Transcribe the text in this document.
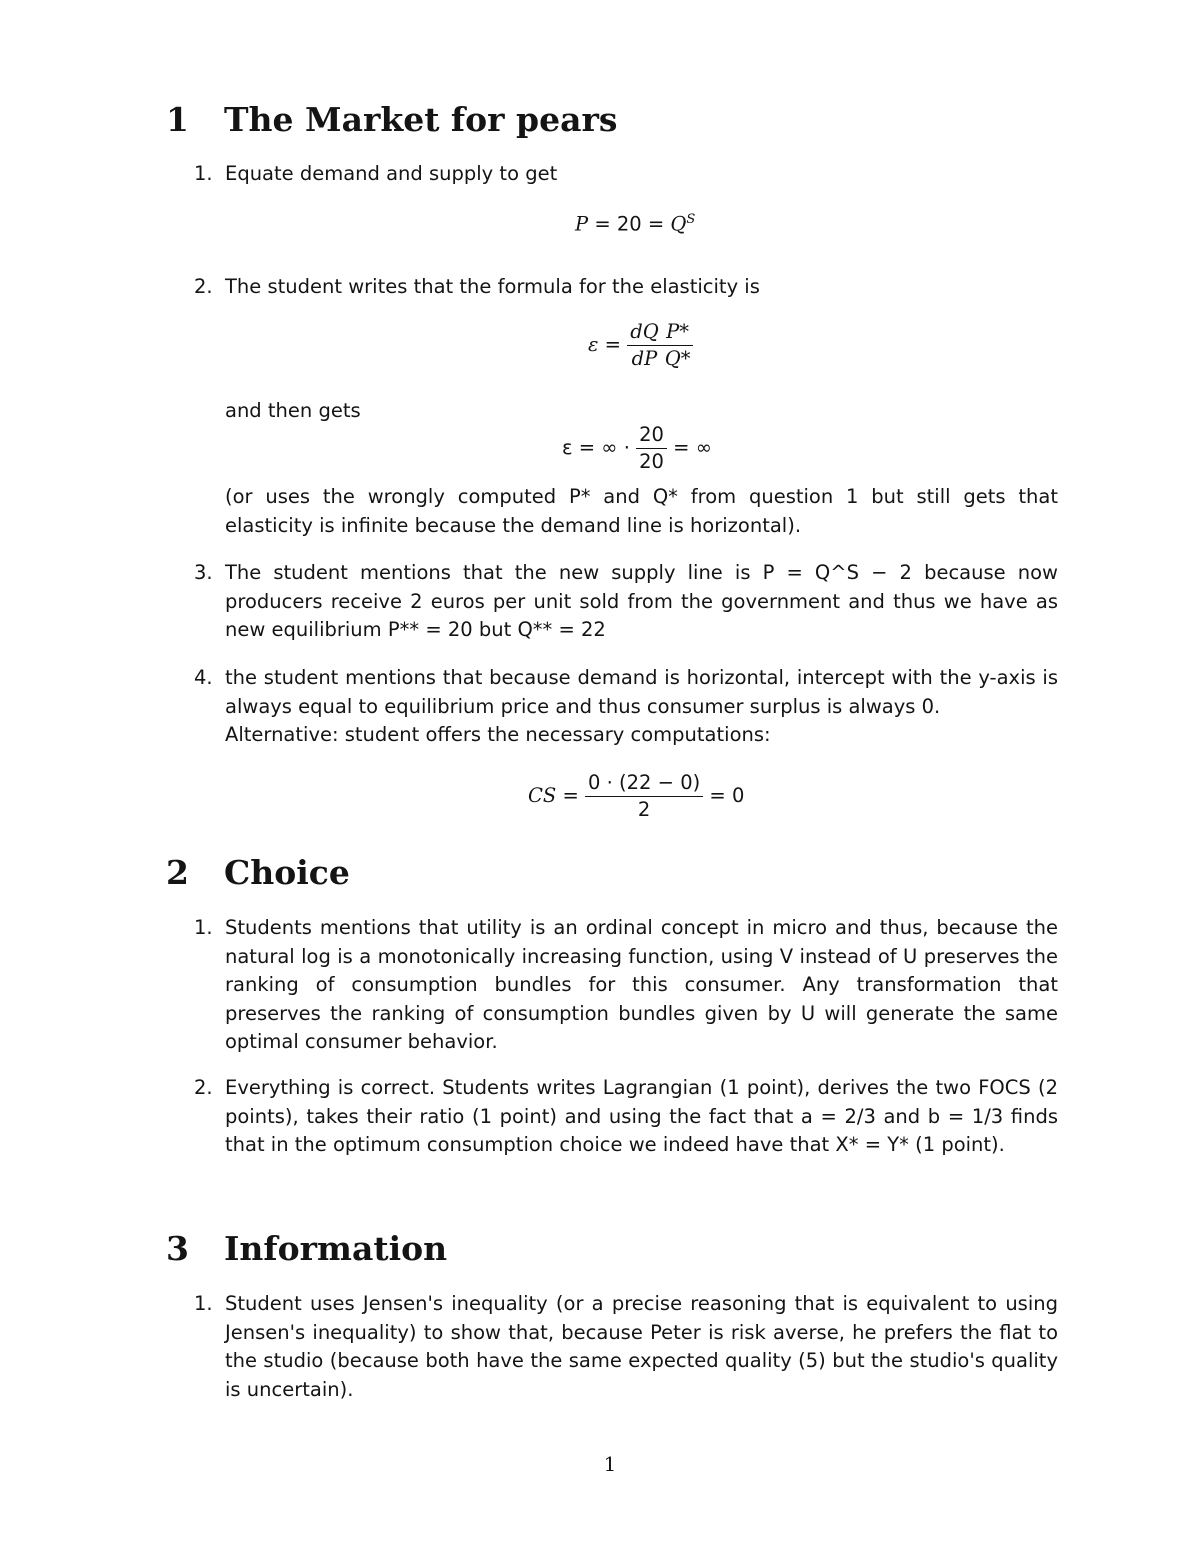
1 The Market for pears
1. Equate demand and supply to get
$P = 20 = Q^S$
2. The student writes that the formula for the elasticity is
$\varepsilon = \frac{dQ}{dP} \frac{P*}{Q*}$
and then gets
ε = ∞ · $\frac{20}{20}$ = ∞
(or uses the wrongly computed P* and Q* from question 1 but still gets that elasticity is infinite because the demand line is horizontal).
3. The student mentions that the new supply line is P = Q^S − 2 because now producers receive 2 euros per unit sold from the government and thus we have as new equilibrium P** = 20 but Q** = 22
4. the student mentions that because demand is horizontal, intercept with the y-axis is always equal to equilibrium price and thus consumer surplus is always 0.
Alternative: student offers the necessary computations:
CS = $\frac{0 \cdot (22 - 0)}{2} = 0$
2 Choice
1. Students mentions that utility is an ordinal concept in micro and thus, because the natural log is a monotonically increasing function, using V instead of U preserves the ranking of consumption bundles for this consumer. Any transformation that preserves the ranking of consumption bundles given by U will generate the same optimal consumer behavior.
2. Everything is correct. Students writes Lagrangian (1 point), derives the two FOCS (2 points), takes their ratio (1 point) and using the fact that a = 2/3 and b = 1/3 finds that in the optimum consumption choice we indeed have that X* = Y* (1 point).
3 Information
1. Student uses Jensen's inequality (or a precise reasoning that is equivalent to using Jensen's inequality) to show that, because Peter is risk averse, he prefers the flat to the studio (because both have the same expected quality (5) but the studio's quality is uncertain).
1
